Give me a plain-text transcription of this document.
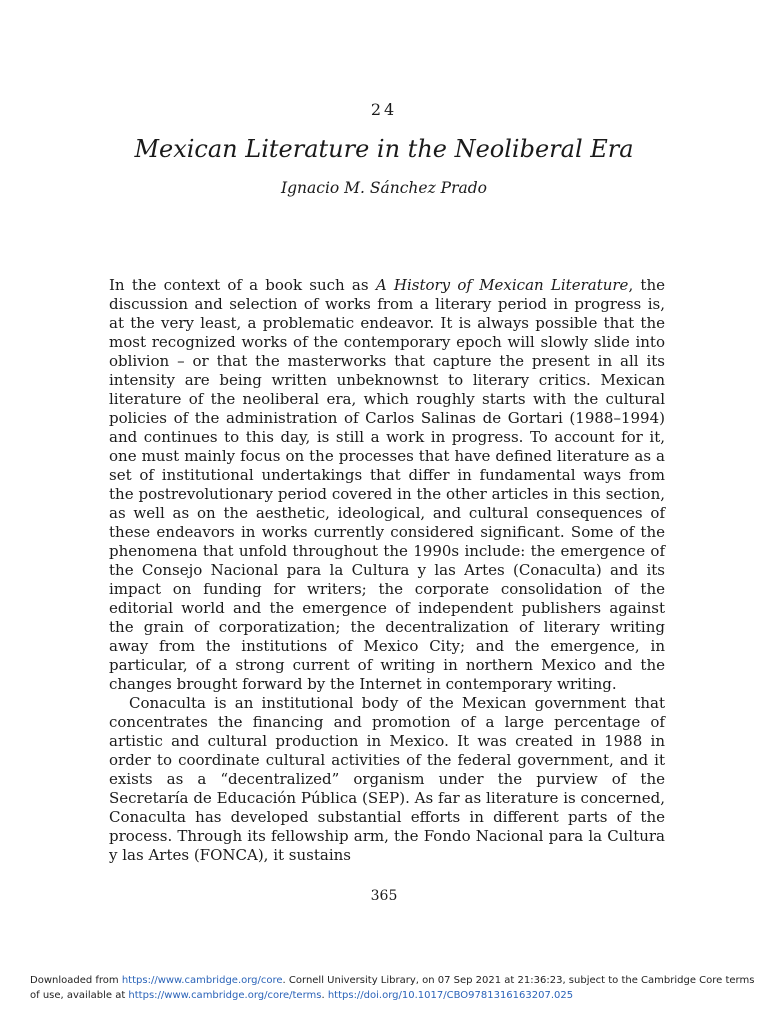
24
Mexican Literature in the Neoliberal Era
Ignacio M. Sánchez Prado

In the context of a book such as A History of Mexican Literature, the discussion and selection of works from a literary period in progress is, at the very least, a problematic endeavor. It is always possible that the most recognized works of the contemporary epoch will slowly slide into oblivion – or that the masterworks that capture the present in all its intensity are being written unbeknownst to literary critics. Mexican literature of the neoliberal era, which roughly starts with the cultural policies of the administration of Carlos Salinas de Gortari (1988–1994) and continues to this day, is still a work in progress. To account for it, one must mainly focus on the processes that have defined literature as a set of institutional undertakings that differ in fundamental ways from the postrevolutionary period covered in the other articles in this section, as well as on the aesthetic, ideological, and cultural consequences of these endeavors in works currently considered significant. Some of the phenomena that unfold throughout the 1990s include: the emergence of the Consejo Nacional para la Cultura y las Artes (Conaculta) and its impact on funding for writers; the corporate consolidation of the editorial world and the emergence of independent publishers against the grain of corporatization; the decentralization of literary writing away from the institutions of Mexico City; and the emergence, in particular, of a strong current of writing in northern Mexico and the changes brought forward by the Internet in contemporary writing.

Conaculta is an institutional body of the Mexican government that concentrates the financing and promotion of a large percentage of artistic and cultural production in Mexico. It was created in 1988 in order to coordinate cultural activities of the federal government, and it exists as a “decentralized” organism under the purview of the Secretaría de Educación Pública (SEP). As far as literature is concerned, Conaculta has developed substantial efforts in different parts of the process. Through its fellowship arm, the Fondo Nacional para la Cultura y las Artes (FONCA), it sustains

365
Downloaded from https://www.cambridge.org/core. Cornell University Library, on 07 Sep 2021 at 21:36:23, subject to the Cambridge Core terms of use, available at https://www.cambridge.org/core/terms. https://doi.org/10.1017/CBO9781316163207.025
